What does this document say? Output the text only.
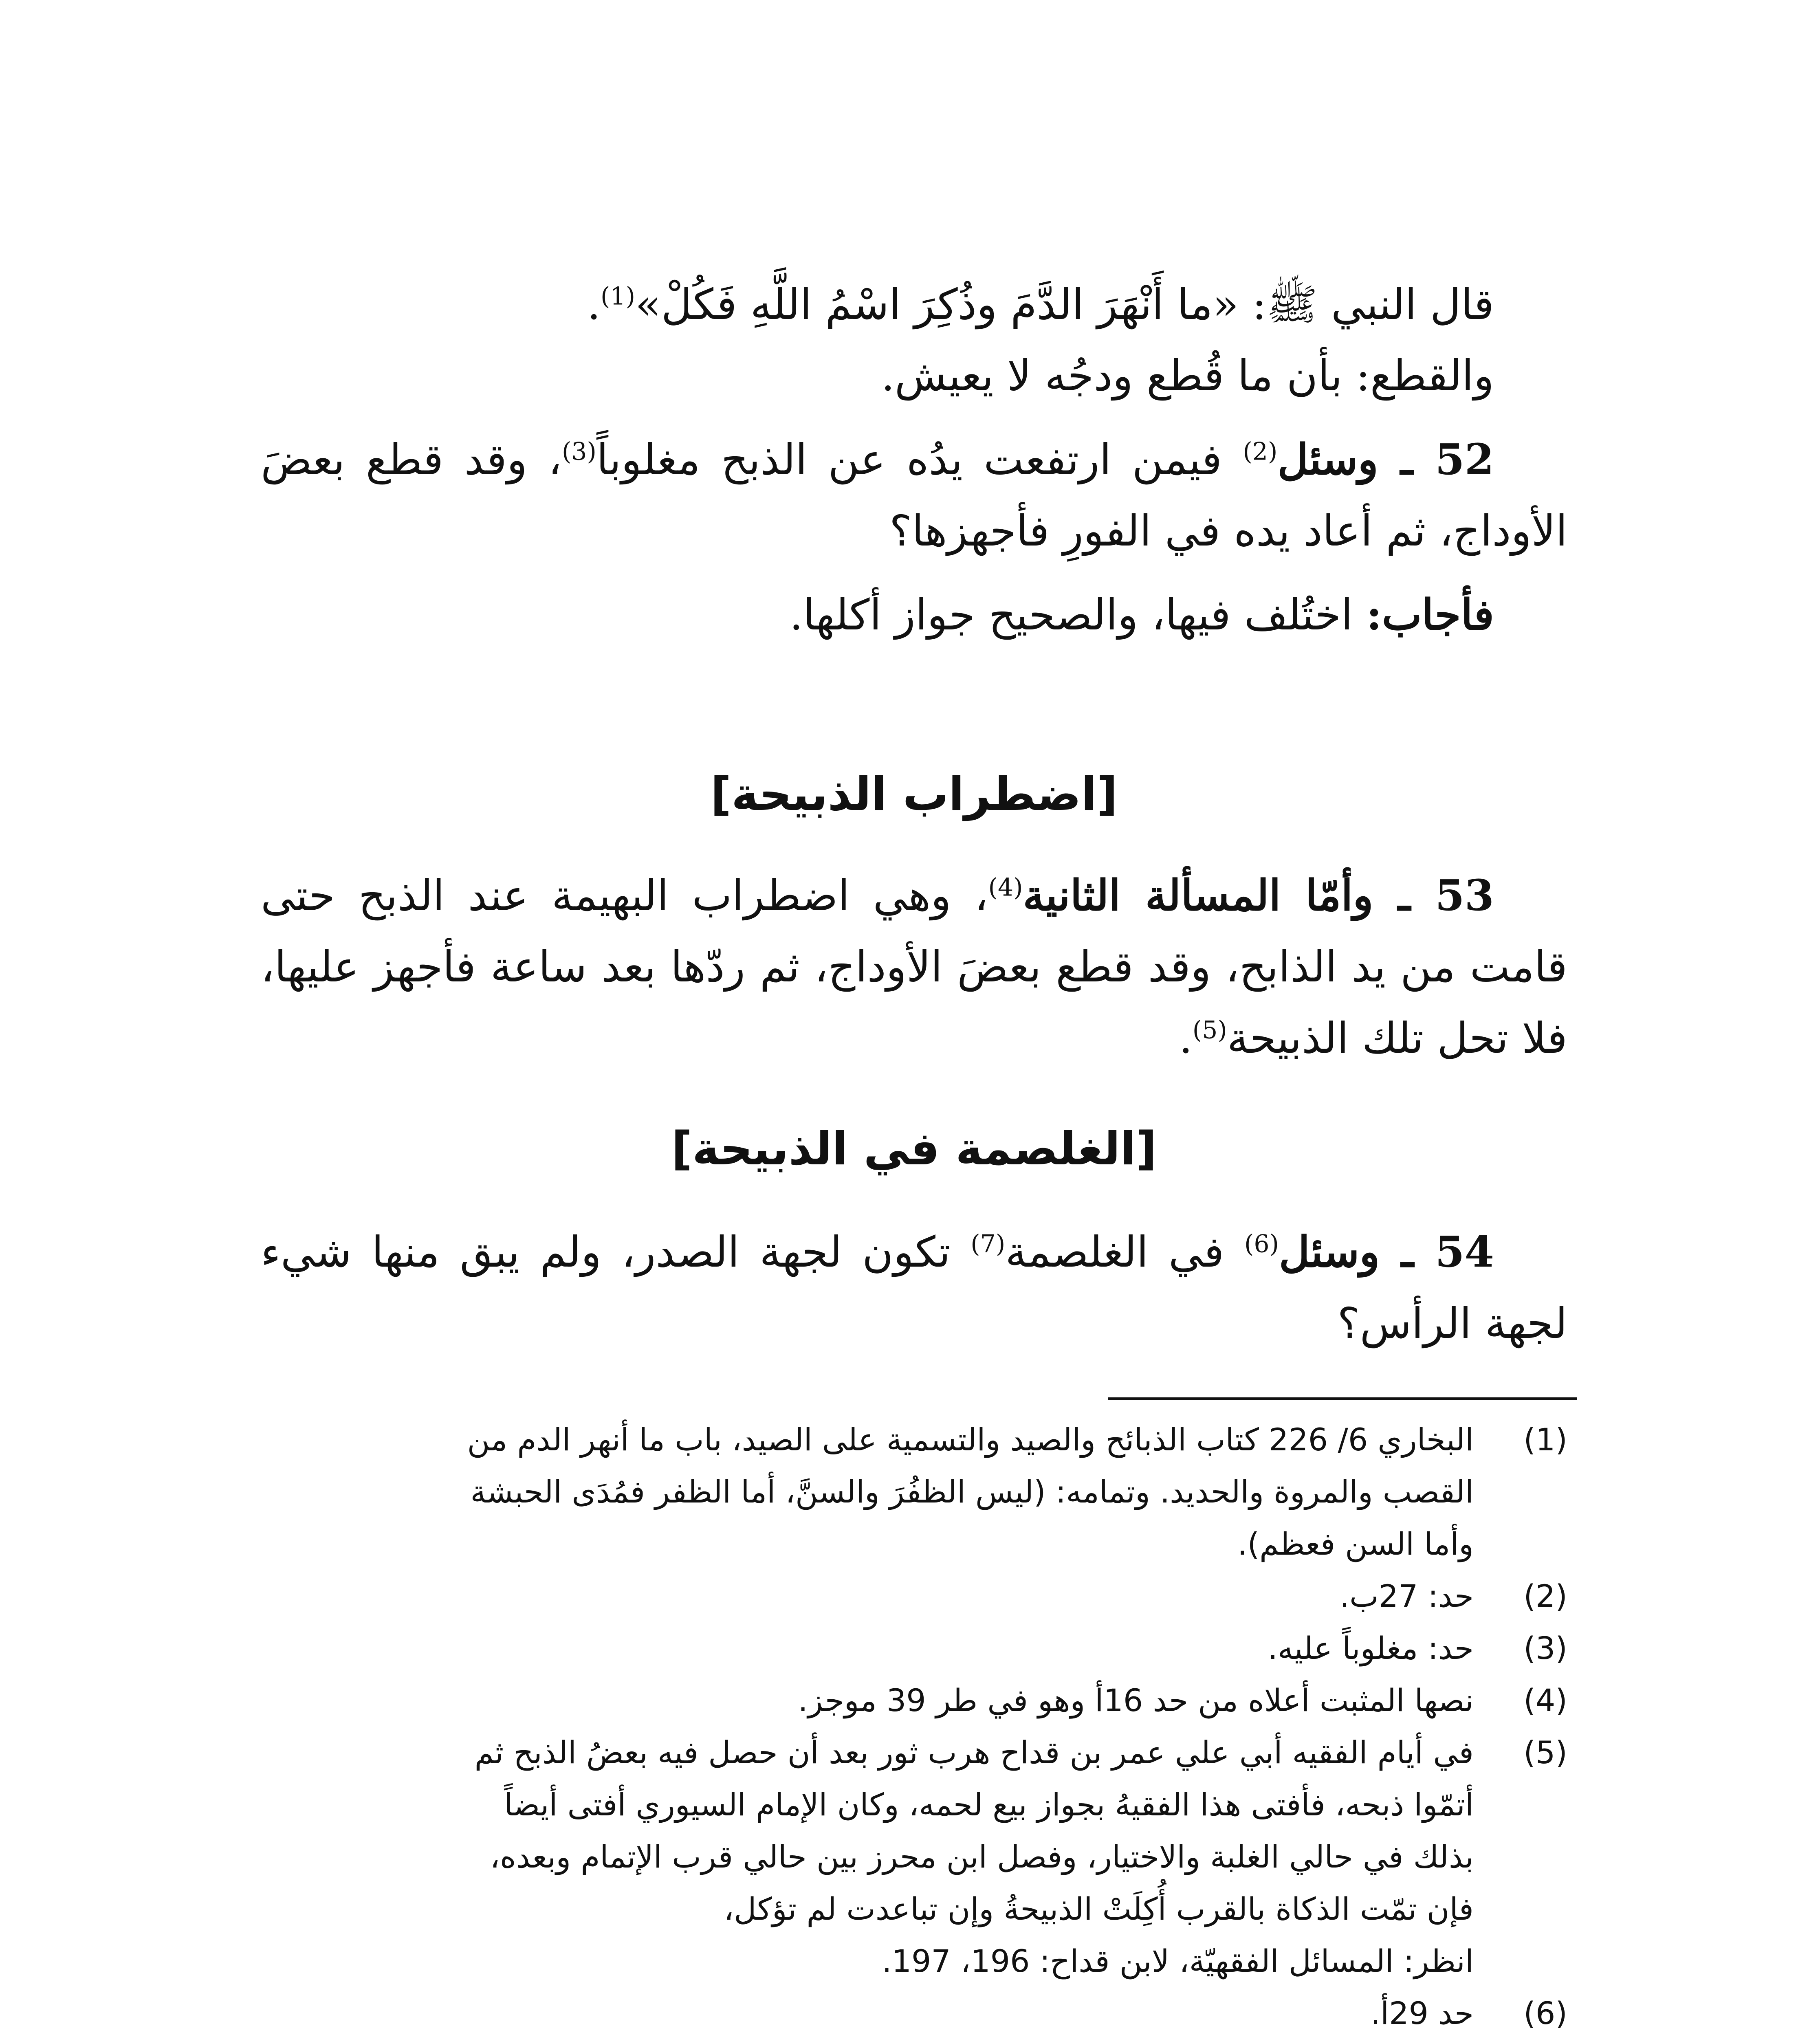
قال النبي ﷺ: «ما أَنْهَرَ الدَّمَ وذُكِرَ اسْمُ اللَّهِ فَكُلْ»$^{(1)}$.

والقطع: بأن ما قُطع ودجُه لا يعيش.

52 ـ وسئل$^{(2)}$ فيمن ارتفعت يدُه عن الذبح مغلوباً$^{(3)}$، وقد قطع بعضَ الأوداج، ثم أعاد يده في الفورِ فأجهزها؟

فأجاب: اختُلف فيها، والصحيح جواز أكلها.

[اضطراب الذبيحة]

53 ـ وأمّا المسألة الثانية$^{(4)}$، وهي اضطراب البهيمة عند الذبح حتى قامت من يد الذابح، وقد قطع بعضَ الأوداج، ثم ردّها بعد ساعة فأجهز عليها، فلا تحل تلك الذبيحة$^{(5)}$.

[الغلصمة في الذبيحة]

54 ـ وسئل$^{(6)}$ في الغلصمة$^{(7)}$ تكون لجهة الصدر، ولم يبق منها شيء لجهة الرأس؟

(1)
البخاري 6/ 226 كتاب الذبائح والصيد والتسمية على الصيد، باب ما أنهر الدم من
القصب والمروة والحديد. وتمامه: (ليس الظفُرَ والسنَّ، أما الظفر فمُدَى الحبشة
وأما السن فعظم).
(2)
حد: 27ب.
(3)
حد: مغلوباً عليه.
(4)
نصها المثبت أعلاه من حد 16أ وهو في طر 39 موجز.
(5)
في أيام الفقيه أبي علي عمر بن قداح هرب ثور بعد أن حصل فيه بعضُ الذبح ثم
أتمّوا ذبحه، فأفتى هذا الفقيهُ بجواز بيع لحمه، وكان الإمام السيوري أفتى أيضاً
بذلك في حالي الغلبة والاختيار، وفصل ابن محرز بين حالي قرب الإتمام وبعده،
فإن تمّت الذكاة بالقرب أُكِلَتْ الذبيحةُ وإن تباعدت لم تؤكل،
انظر: المسائل الفقهيّة، لابن قداح: 196، 197.
(6)
حد 29أ.
